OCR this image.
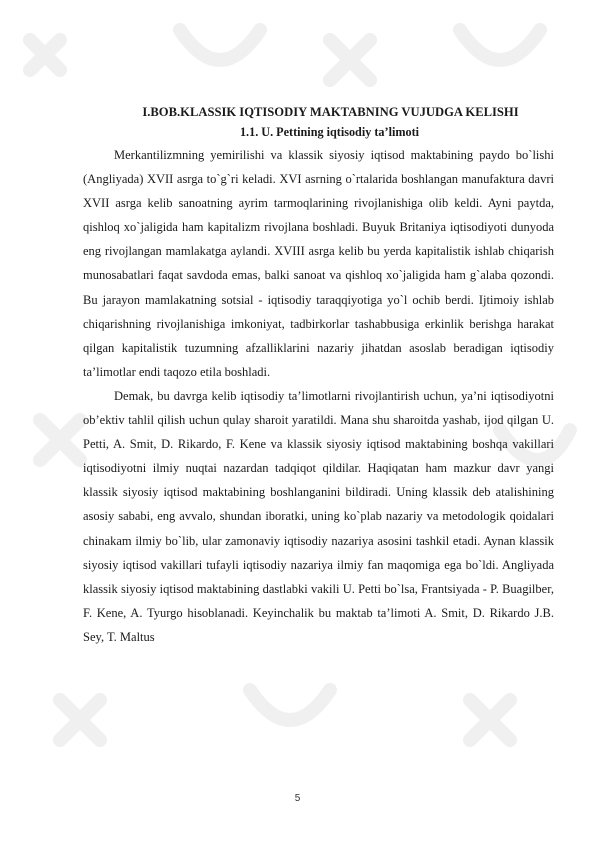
I.BOB.KLASSIK IQTISODIY MAKTABNING VUJUDGA KELISHI
1.1. U. Pettining iqtisodiy ta’limoti

Merkantilizmning yemirilishi va klassik siyosiy iqtisod maktabining paydo bo`lishi (Angliyada) XVII asrga to`g`ri keladi. XVI asrning o`rtalarida boshlangan manufaktura davri XVII asrga kelib sanoatning ayrim tarmoqlarining rivojlanishiga olib keldi. Ayni paytda, qishloq xo`jaligida ham kapitalizm rivojlana boshladi. Buyuk Britaniya iqtisodiyoti dunyoda eng rivojlangan mamlakatga aylandi. XVIII asrga kelib bu yerda kapitalistik ishlab chiqarish munosabatlari faqat savdoda emas, balki sanoat va qishloq xo`jaligida ham g`alaba qozondi. Bu jarayon mamlakatning sotsial - iqtisodiy taraqqiyotiga yo`l ochib berdi. Ijtimoiy ishlab chiqarishning rivojlanishiga imkoniyat, tadbirkorlar tashabbusiga erkinlik berishga harakat qilgan kapitalistik tuzumning afzalliklarini nazariy jihatdan asoslab beradigan iqtisodiy ta’limotlar endi taqozo etila boshladi.

Demak, bu davrga kelib iqtisodiy ta’limotlarni rivojlantirish uchun, ya’ni iqtisodiyotni ob’ektiv tahlil qilish uchun qulay sharoit yaratildi. Mana shu sharoitda yashab, ijod qilgan U. Petti, A. Smit, D. Rikardo, F. Kene va klassik siyosiy iqtisod maktabining boshqa vakillari iqtisodiyotni ilmiy nuqtai nazardan tadqiqot qildilar. Haqiqatan ham mazkur davr yangi klassik siyosiy iqtisod maktabining boshlanganini bildiradi. Uning klassik deb atalishining asosiy sababi, eng avvalo, shundan iboratki, uning ko`plab nazariy va metodologik qoidalari chinakam ilmiy bo`lib, ular zamonaviy iqtisodiy nazariya asosini tashkil etadi. Aynan klassik siyosiy iqtisod vakillari tufayli iqtisodiy nazariya ilmiy fan maqomiga ega bo`ldi. Angliyada klassik siyosiy iqtisod maktabining dastlabki vakili U. Petti bo`lsa, Frantsiyada - P. Buagilber, F. Kene, A. Tyurgo hisoblanadi. Keyinchalik bu maktab ta’limoti A. Smit, D. Rikardo J.B. Sey, T. Maltus

5
